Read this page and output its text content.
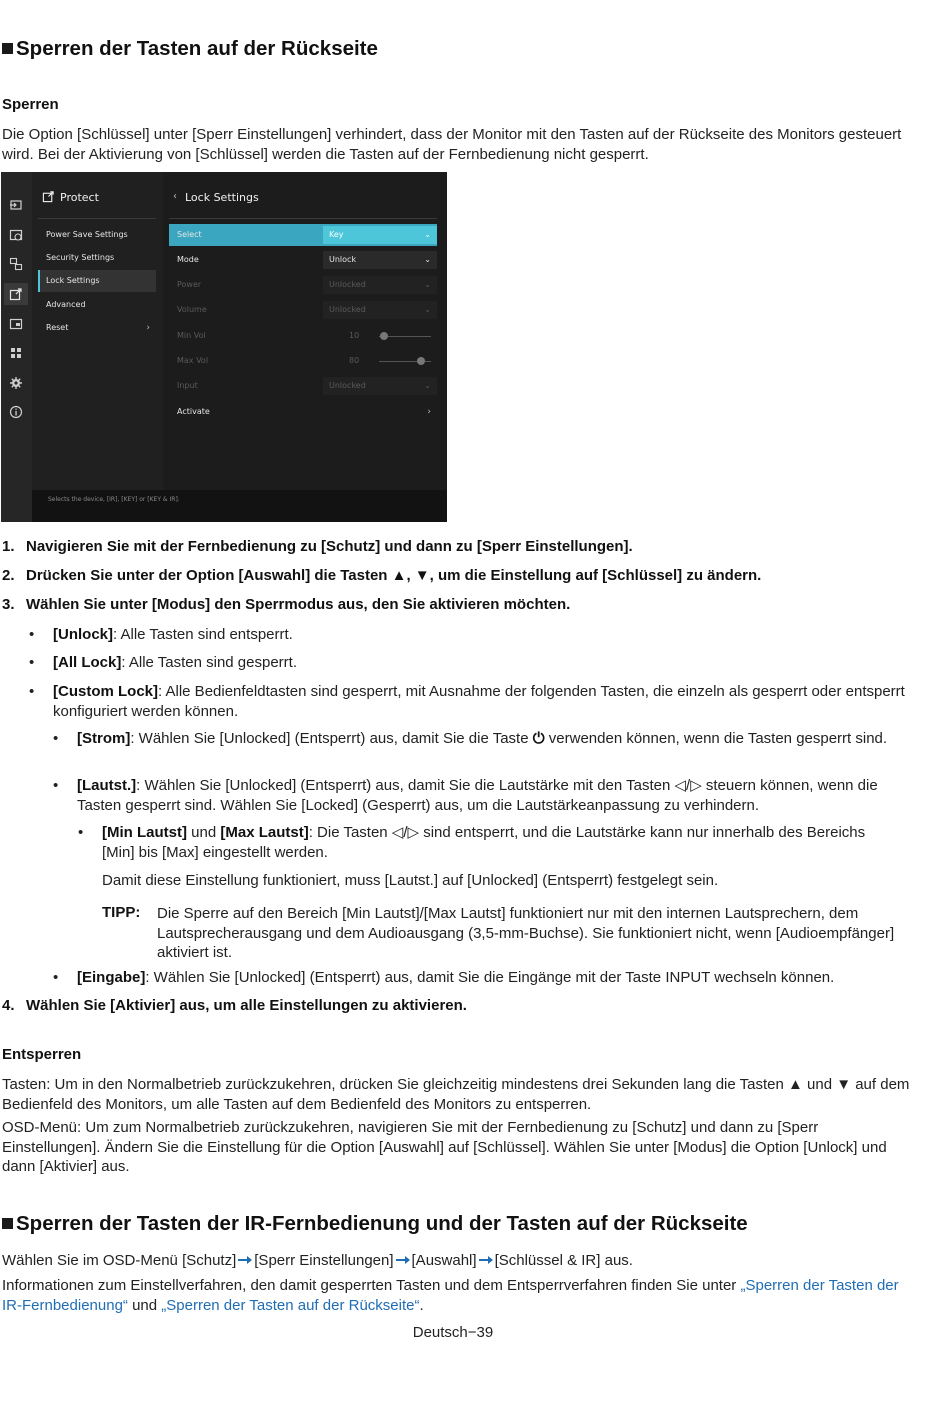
Sperren der Tasten auf der Rückseite
Sperren
Die Option [Schlüssel] unter [Sperr Einstellungen] verhindert, dass der Monitor mit den Tasten auf der Rückseite des Monitors gesteuert wird. Bei der Aktivierung von [Schlüssel] werden die Tasten auf der Fernbedienung nicht gesperrt.
Protect
Power Save Settings
Security Settings
Lock Settings
Advanced
Reset	›
‹ Lock Settings
Select	Key	⌄
Mode	Unlock	⌄
Power	Unlocked	⌄
Volume	Unlocked	⌄
Min Vol	10
Max Vol	80
Input	Unlocked	⌄
Activate	›
Selects the device, [IR], [KEY] or [KEY & IR].
1. Navigieren Sie mit der Fernbedienung zu [Schutz] und dann zu [Sperr Einstellungen].
2. Drücken Sie unter der Option [Auswahl] die Tasten ▲, ▼, um die Einstellung auf [Schlüssel] zu ändern.
3. Wählen Sie unter [Modus] den Sperrmodus aus, den Sie aktivieren möchten.
• [Unlock]: Alle Tasten sind entsperrt.
• [All Lock]: Alle Tasten sind gesperrt.
• [Custom Lock]: Alle Bedienfeldtasten sind gesperrt, mit Ausnahme der folgenden Tasten, die einzeln als gesperrt oder entsperrt konfiguriert werden können.
• [Strom]: Wählen Sie [Unlocked] (Entsperrt) aus, damit Sie die Taste ⏻ verwenden können, wenn die Tasten gesperrt sind.
• [Lautst.]: Wählen Sie [Unlocked] (Entsperrt) aus, damit Sie die Lautstärke mit den Tasten ◁/▷ steuern können, wenn die Tasten gesperrt sind. Wählen Sie [Locked] (Gesperrt) aus, um die Lautstärkeanpassung zu verhindern.
• [Min Lautst] und [Max Lautst]: Die Tasten ◁/▷ sind entsperrt, und die Lautstärke kann nur innerhalb des Bereichs [Min] bis [Max] eingestellt werden.
Damit diese Einstellung funktioniert, muss [Lautst.] auf [Unlocked] (Entsperrt) festgelegt sein.
TIPP: Die Sperre auf den Bereich [Min Lautst]/[Max Lautst] funktioniert nur mit den internen Lautsprechern, dem Lautsprecherausgang und dem Audioausgang (3,5-mm-Buchse). Sie funktioniert nicht, wenn [Audioempfänger] aktiviert ist.
• [Eingabe]: Wählen Sie [Unlocked] (Entsperrt) aus, damit Sie die Eingänge mit der Taste INPUT wechseln können.
4. Wählen Sie [Aktivier] aus, um alle Einstellungen zu aktivieren.
Entsperren
Tasten: Um in den Normalbetrieb zurückzukehren, drücken Sie gleichzeitig mindestens drei Sekunden lang die Tasten ▲ und ▼ auf dem Bedienfeld des Monitors, um alle Tasten auf dem Bedienfeld des Monitors zu entsperren.
OSD-Menü: Um zum Normalbetrieb zurückzukehren, navigieren Sie mit der Fernbedienung zu [Schutz] und dann zu [Sperr Einstellungen]. Ändern Sie die Einstellung für die Option [Auswahl] auf [Schlüssel]. Wählen Sie unter [Modus] die Option [Unlock] und dann [Aktivier] aus.
Sperren der Tasten der IR-Fernbedienung und der Tasten auf der Rückseite
Wählen Sie im OSD-Menü [Schutz] [Sperr Einstellungen] [Auswahl] [Schlüssel & IR] aus.
Informationen zum Einstellverfahren, den damit gesperrten Tasten und dem Entsperrverfahren finden Sie unter „Sperren der Tasten der IR-Fernbedienung“ und „Sperren der Tasten auf der Rückseite“.
Deutsch−39
